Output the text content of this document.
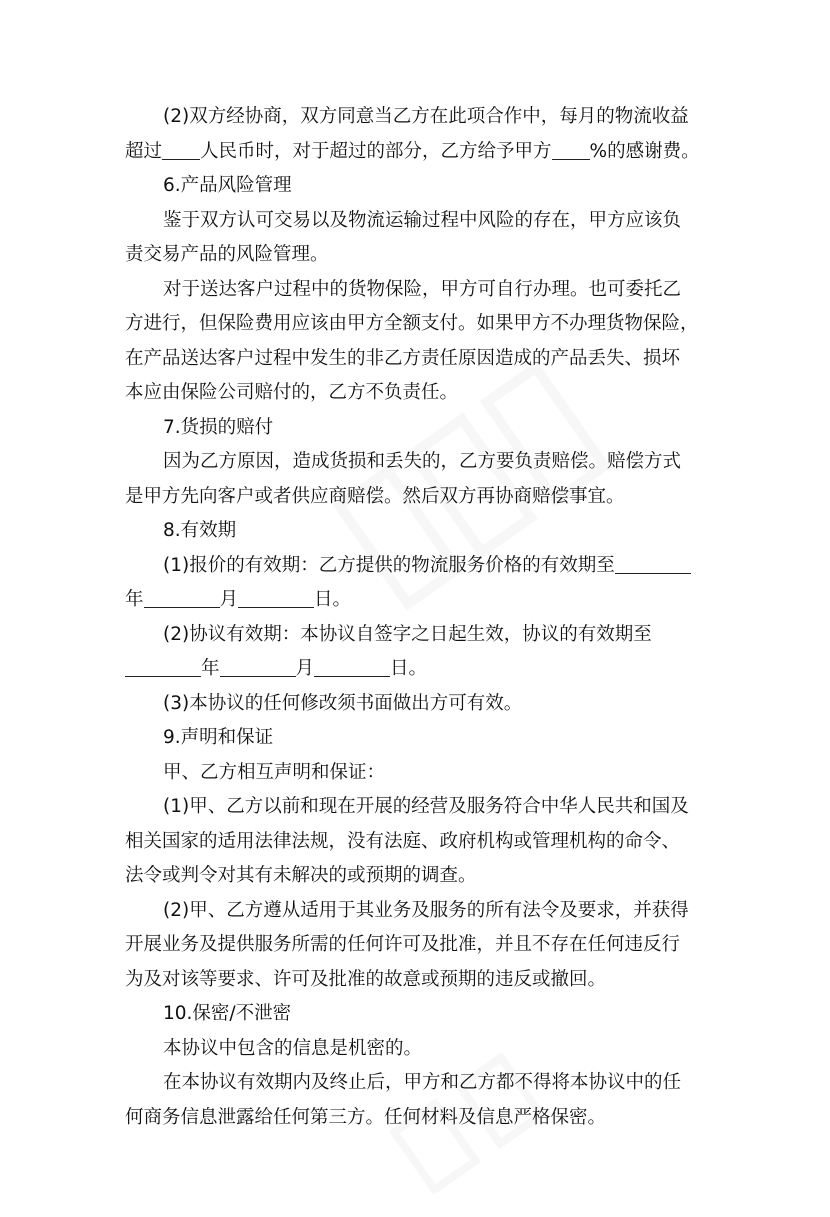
(2)双方经协商，双方同意当乙方在此项合作中，每月的物流收益
超过 人民币时，对于超过的部分，乙方给予甲方 %的感谢费。
6.产品风险管理
鉴于双方认可交易以及物流运输过程中风险的存在，甲方应该负
责交易产品的风险管理。
对于送达客户过程中的货物保险，甲方可自行办理。也可委托乙
方进行，但保险费用应该由甲方全额支付。如果甲方不办理货物保险，
在产品送达客户过程中发生的非乙方责任原因造成的产品丢失、损坏
本应由保险公司赔付的，乙方不负责任。
7.货损的赔付
因为乙方原因，造成货损和丢失的，乙方要负责赔偿。赔偿方式
是甲方先向客户或者供应商赔偿。然后双方再协商赔偿事宜。
8.有效期
(1)报价的有效期：乙方提供的物流服务价格的有效期至
年	月	日。
(2)协议有效期：本协议自签字之日起生效，协议的有效期至
年	月	日。
(3)本协议的任何修改须书面做出方可有效。
9.声明和保证
甲、乙方相互声明和保证：
(1)甲、乙方以前和现在开展的经营及服务符合中华人民共和国及
相关国家的适用法律法规，没有法庭、政府机构或管理机构的命令、
法令或判令对其有未解决的或预期的调查。
(2)甲、乙方遵从适用于其业务及服务的所有法令及要求，并获得
开展业务及提供服务所需的任何许可及批准，并且不存在任何违反行
为及对该等要求、许可及批准的故意或预期的违反或撤回。
10.保密/不泄密
本协议中包含的信息是机密的。
在本协议有效期内及终止后，甲方和乙方都不得将本协议中的任
何商务信息泄露给任何第三方。任何材料及信息严格保密。
